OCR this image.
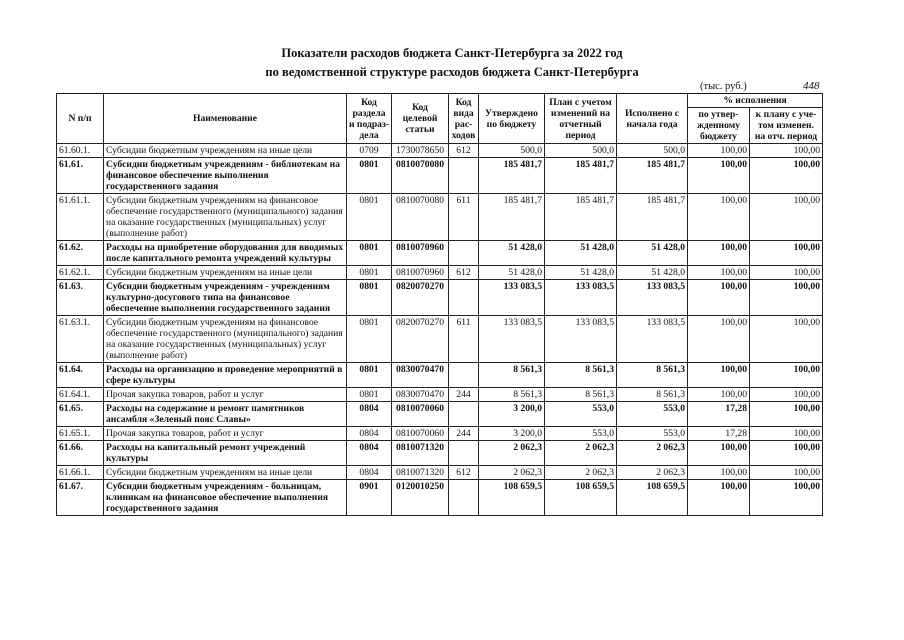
Показатели расходов бюджета Санкт-Петербурга за 2022 год
по ведомственной структуре расходов бюджета Санкт-Петербурга
(тыс. руб.)	448
N п/п	Наименование	Код раздела и подраз-дела	Код целевой статьи	Код вида рас-ходов	Утверждено по бюджету	План с учетом изменений на отчетный период	Исполнено с начала года	% исполнения	
								по утвер-жденному бюджету	к плану с уче-том изменен. на отч. период
61.60.1.	Субсидии бюджетным учреждениям на иные цели	0709	1730078650	612	500,0	500,0	500,0	100,00	100,00
61.61.	Субсидии бюджетным учреждениям - библиотекам на финансовое обеспечение выполнения государственного задания	0801	0810070080		185 481,7	185 481,7	185 481,7	100,00	100,00
61.61.1.	Субсидии бюджетным учреждениям на финансовое обеспечение государственного (муниципального) задания на оказание государственных (муниципальных) услуг (выполнение работ)	0801	0810070080	611	185 481,7	185 481,7	185 481,7	100,00	100,00
61.62.	Расходы на приобретение оборудования для вводимых после капитального ремонта учреждений культуры	0801	0810070960		51 428,0	51 428,0	51 428,0	100,00	100,00
61.62.1.	Субсидии бюджетным учреждениям на иные цели	0801	0810070960	612	51 428,0	51 428,0	51 428,0	100,00	100,00
61.63.	Субсидии бюджетным учреждениям - учреждениям культурно-досугового типа на финансовое обеспечение выполнения государственного задания	0801	0820070270		133 083,5	133 083,5	133 083,5	100,00	100,00
61.63.1.	Субсидии бюджетным учреждениям на финансовое обеспечение государственного (муниципального) задания на оказание государственных (муниципальных) услуг (выполнение работ)	0801	0820070270	611	133 083,5	133 083,5	133 083,5	100,00	100,00
61.64.	Расходы на организацию и проведение мероприятий в сфере культуры	0801	0830070470		8 561,3	8 561,3	8 561,3	100,00	100,00
61.64.1.	Прочая закупка товаров, работ и услуг	0801	0830070470	244	8 561,3	8 561,3	8 561,3	100,00	100,00
61.65.	Расходы на содержание и ремонт памятников ансамбля «Зеленый пояс Славы»	0804	0810070060		3 200,0	553,0	553,0	17,28	100,00
61.65.1.	Прочая закупка товаров, работ и услуг	0804	0810070060	244	3 200,0	553,0	553,0	17,28	100,00
61.66.	Расходы на капитальный ремонт учреждений культуры	0804	0810071320		2 062,3	2 062,3	2 062,3	100,00	100,00
61.66.1.	Субсидии бюджетным учреждениям на иные цели	0804	0810071320	612	2 062,3	2 062,3	2 062,3	100,00	100,00
61.67.	Субсидии бюджетным учреждениям - больницам, клиникам на финансовое обеспечение выполнения государственного задания	0901	0120010250		108 659,5	108 659,5	108 659,5	100,00	100,00
